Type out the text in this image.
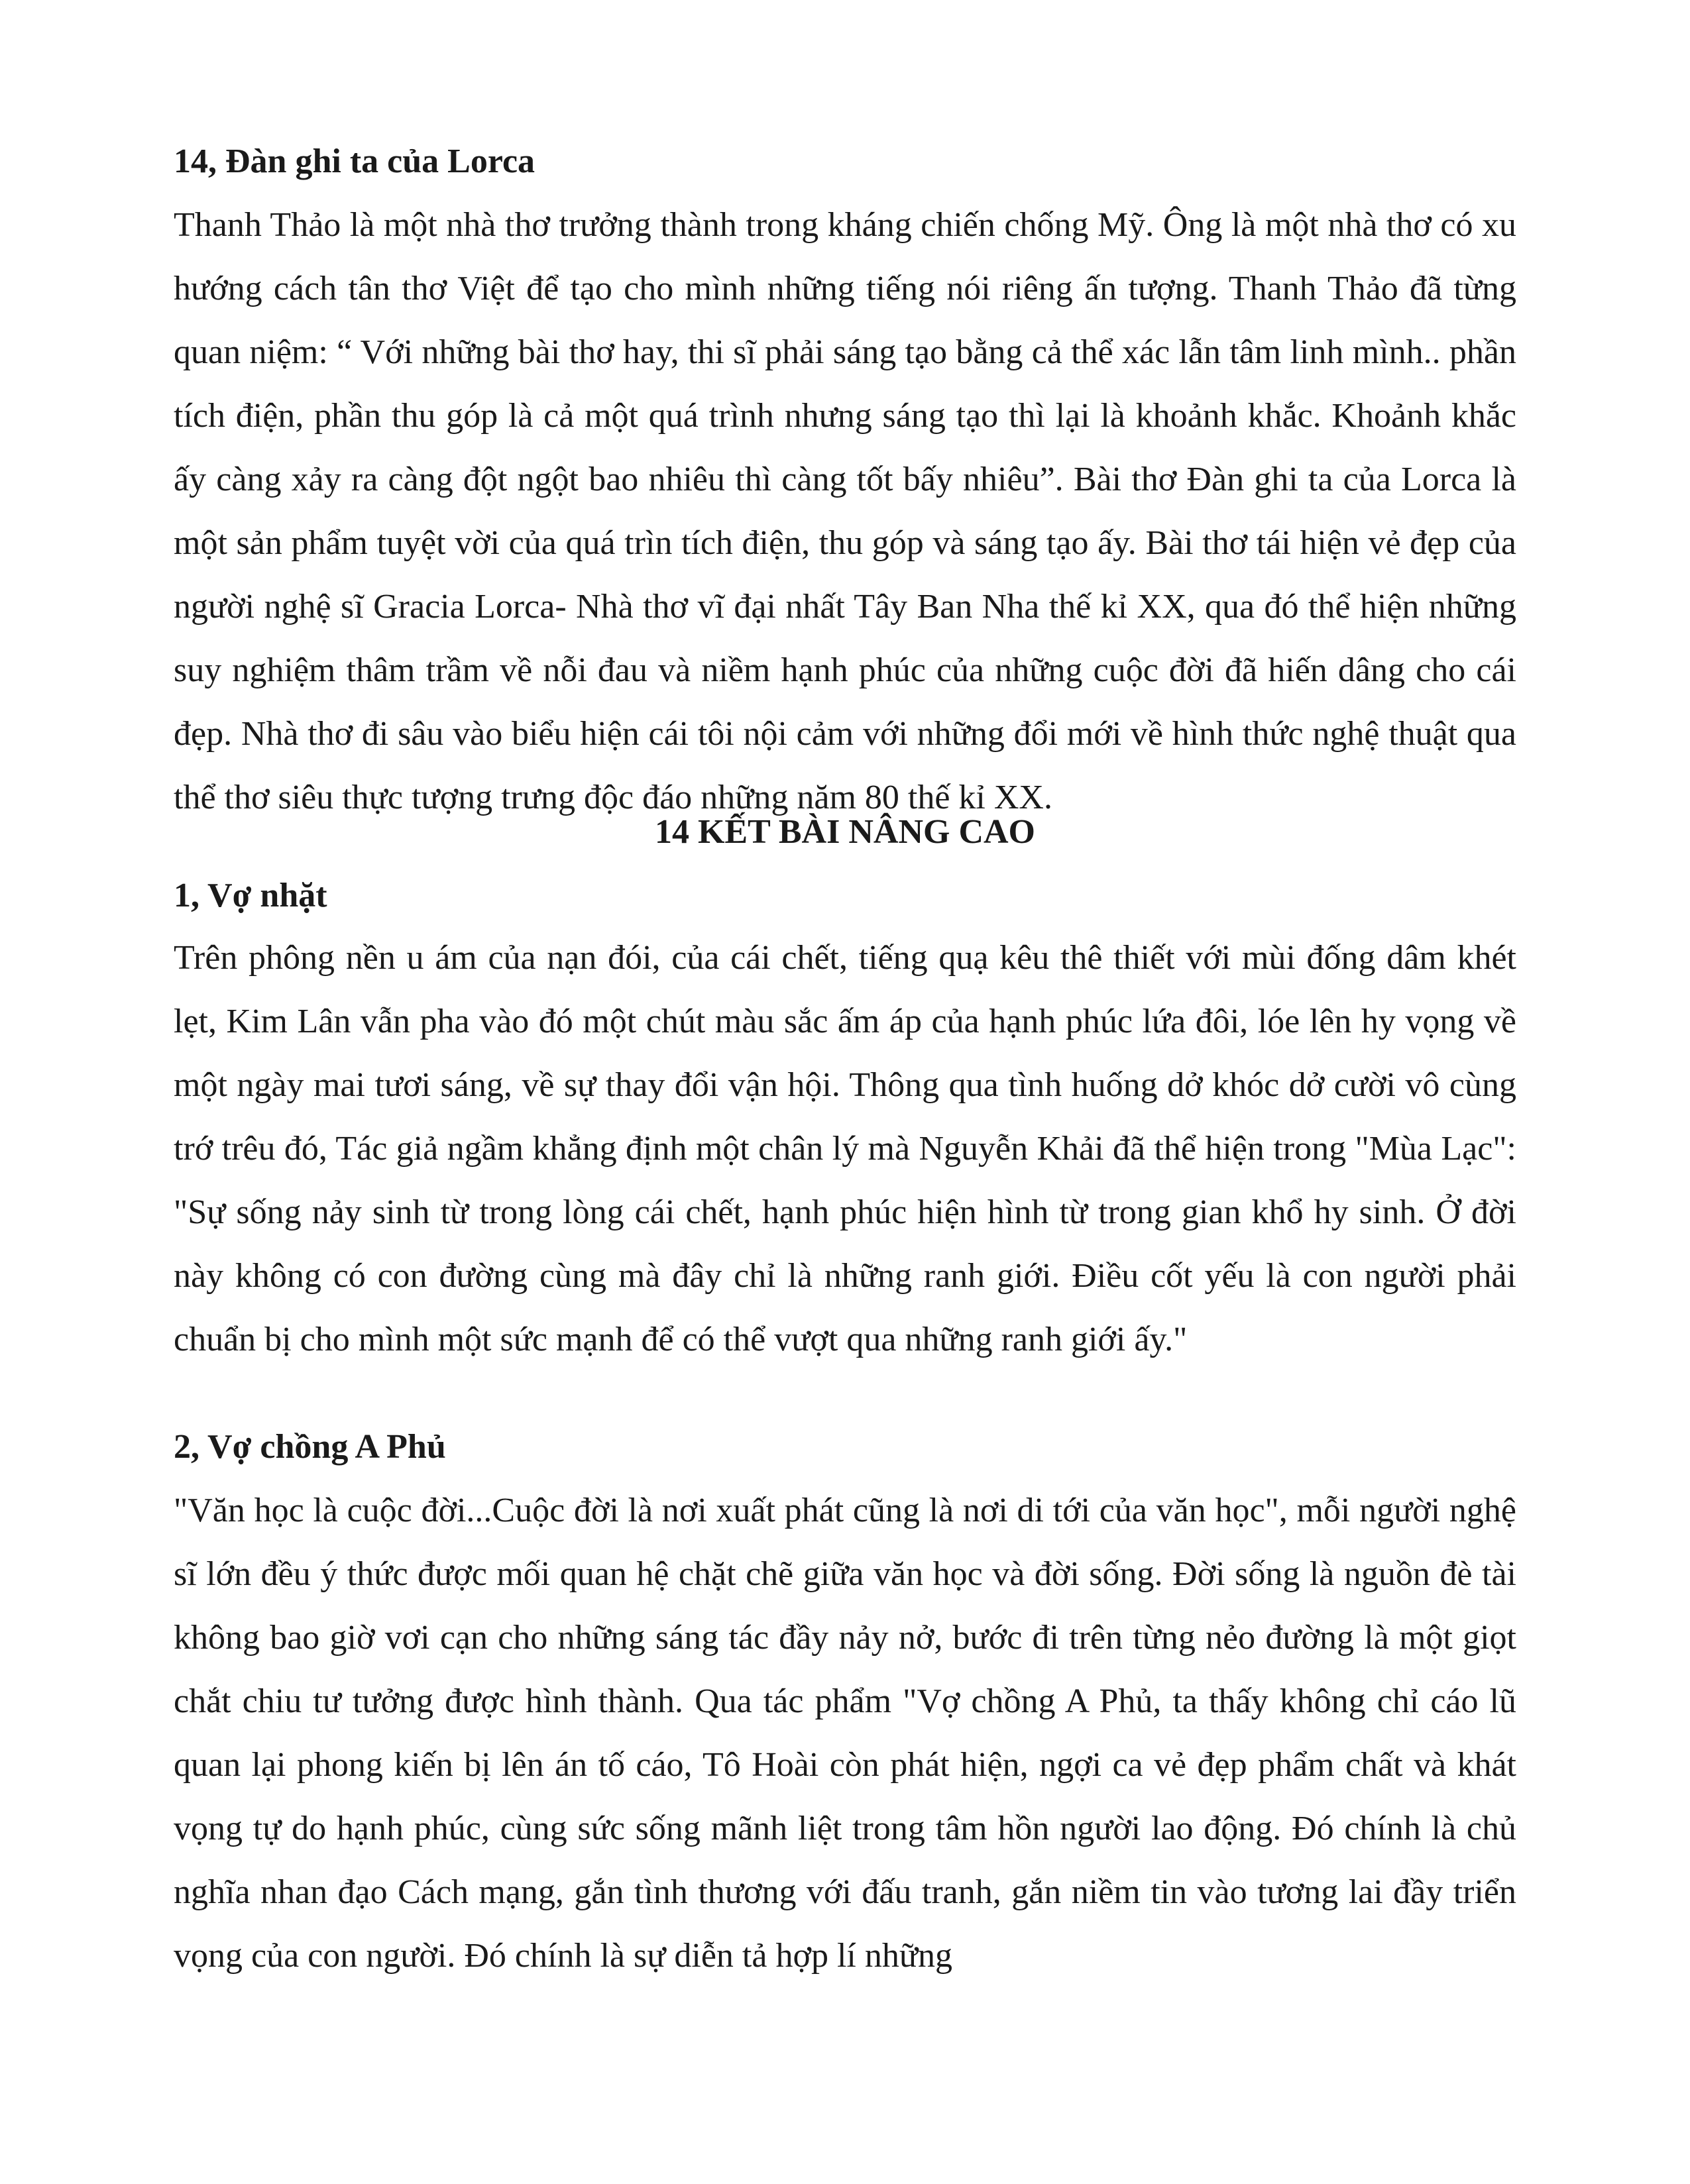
14, Đàn ghi ta của Lorca
Thanh Thảo là một nhà thơ trưởng thành trong kháng chiến chống Mỹ. Ông là một nhà thơ có xu hướng cách tân thơ Việt để tạo cho mình những tiếng nói riêng ấn tượng. Thanh Thảo đã từng quan niệm: “ Với những bài thơ hay, thi sĩ phải sáng tạo bằng cả thể xác lẫn tâm linh mình.. phần tích điện, phần thu góp là cả một quá trình nhưng sáng tạo thì lại là khoảnh khắc. Khoảnh khắc ấy càng xảy ra càng đột ngột bao nhiêu thì càng tốt bấy nhiêu”. Bài thơ Đàn ghi ta của Lorca là một sản phẩm tuyệt vời của quá trìn tích điện, thu góp và sáng tạo ấy. Bài thơ tái hiện vẻ đẹp của người nghệ sĩ Gracia Lorca- Nhà thơ vĩ đại nhất Tây Ban Nha thế kỉ XX, qua đó thể hiện những suy nghiệm thâm trầm về nỗi đau và niềm hạnh phúc của những cuộc đời đã hiến dâng cho cái đẹp. Nhà thơ đi sâu vào biểu hiện cái tôi nội cảm với những đổi mới về hình thức nghệ thuật qua thể thơ siêu thực tượng trưng độc đáo những năm 80 thế kỉ XX.
14 KẾT BÀI NÂNG CAO
1, Vợ nhặt
Trên phông nền u ám của nạn đói, của cái chết, tiếng quạ kêu thê thiết với mùi đống dâm khét lẹt, Kim Lân vẫn pha vào đó một chút màu sắc ấm áp của hạnh phúc lứa đôi, lóe lên hy vọng về một ngày mai tươi sáng, về sự thay đổi vận hội. Thông qua tình huống dở khóc dở cười vô cùng trớ trêu đó, Tác giả ngầm khẳng định một chân lý mà Nguyễn Khải đã thể hiện trong "Mùa Lạc": "Sự sống nảy sinh từ trong lòng cái chết, hạnh phúc hiện hình từ trong gian khổ hy sinh. Ở đời này không có con đường cùng mà đây chỉ là những ranh giới. Điều cốt yếu là con người phải chuẩn bị cho mình một sức mạnh để có thể vượt qua những ranh giới ấy."
2, Vợ chồng A Phủ
"Văn học là cuộc đời...Cuộc đời là nơi xuất phát cũng là nơi di tới của văn học", mỗi người nghệ sĩ lớn đều ý thức được mối quan hệ chặt chẽ giữa văn học và đời sống. Đời sống là nguồn đè tài không bao giờ vơi cạn cho những sáng tác đầy nảy nở, bước đi trên từng nẻo đường là một giọt chắt chiu tư tưởng được hình thành. Qua tác phẩm "Vợ chồng A Phủ, ta thấy không chỉ cáo lũ quan lại phong kiến bị lên án tố cáo, Tô Hoài còn phát hiện, ngợi ca vẻ đẹp phẩm chất và khát vọng tự do hạnh phúc, cùng sức sống mãnh liệt trong tâm hồn người lao động. Đó chính là chủ nghĩa nhan đạo Cách mạng, gắn tình thương với đấu tranh, gắn niềm tin vào tương lai đầy triển vọng của con người. Đó chính là sự diễn tả hợp lí những
